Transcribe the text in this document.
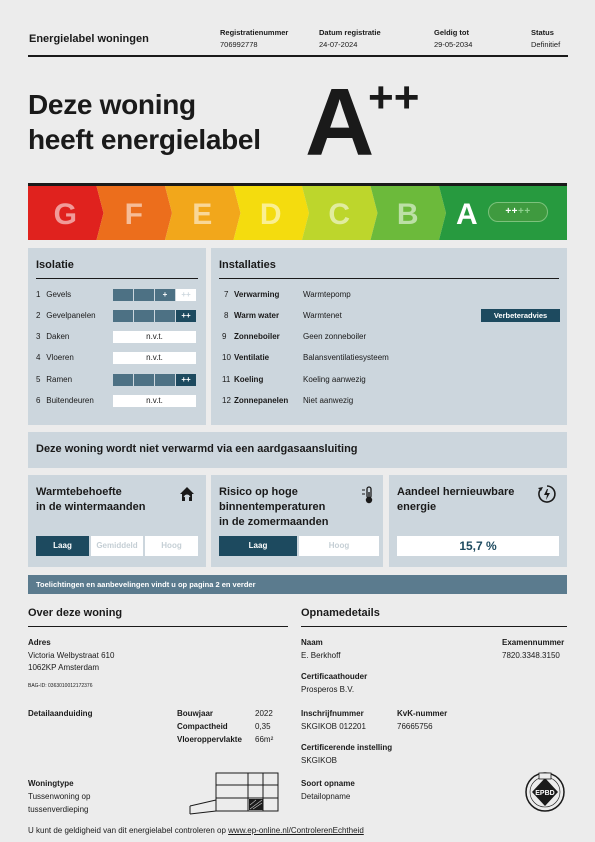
Energielabel woningen
Registratienummer
706992778
Datum registratie
24-07-2024
Geldig tot
29-05-2034
Status
Definitief
Deze woning
heeft energielabel A
++
G F E D C B A	++++
Isolatie
1 Gevels	+	++
2 Gevelpanelen	++
3 Daken	n.v.t.
4 Vloeren	n.v.t.
5 Ramen	++
6 Buitendeuren	n.v.t.
Installaties
7 Verwarming	Warmtepomp
8 Warm water	Warmtenet	Verbeteradvies
9 Zonneboiler	Geen zonneboiler
10 Ventilatie	Balansventilatiesysteem
11 Koeling	Koeling aanwezig
12 Zonnepanelen Niet aanwezig
Deze woning wordt niet verwarmd via een aardgasaansluiting
Warmtebehoefte
in de wintermaanden
Laag	Gemiddeld	Hoog
Risico op hoge
binnentemperaturen
in de zomermaanden
Laag	Hoog
Aandeel hernieuwbare
energie
15,7 %
Toelichtingen en aanbevelingen vindt u op pagina 2 en verder
Over deze woning
Adres
Victoria Welbystraat 610
1062KP Amsterdam
BAG-ID: 0363010012172376
Detailaanduiding	Bouwjaar	2022
Compactheid	0,35
Vloeroppervlakte 66m²
Woningtype
Tussenwoning op
tussenverdieping
Opnamedetails
Naam
E. Berkhoff
Examennummer
7820.3348.3150
Certificaathouder
Prosperos B.V.
Inschrijfnummer
SKGIKOB 012201
KvK-nummer
76665756
Certificerende instelling
SKGIKOB
Soort opname
Detailopname	EPBD
U kunt de geldigheid van dit energielabel controleren op www.ep-online.nl/ControlerenEchtheid
